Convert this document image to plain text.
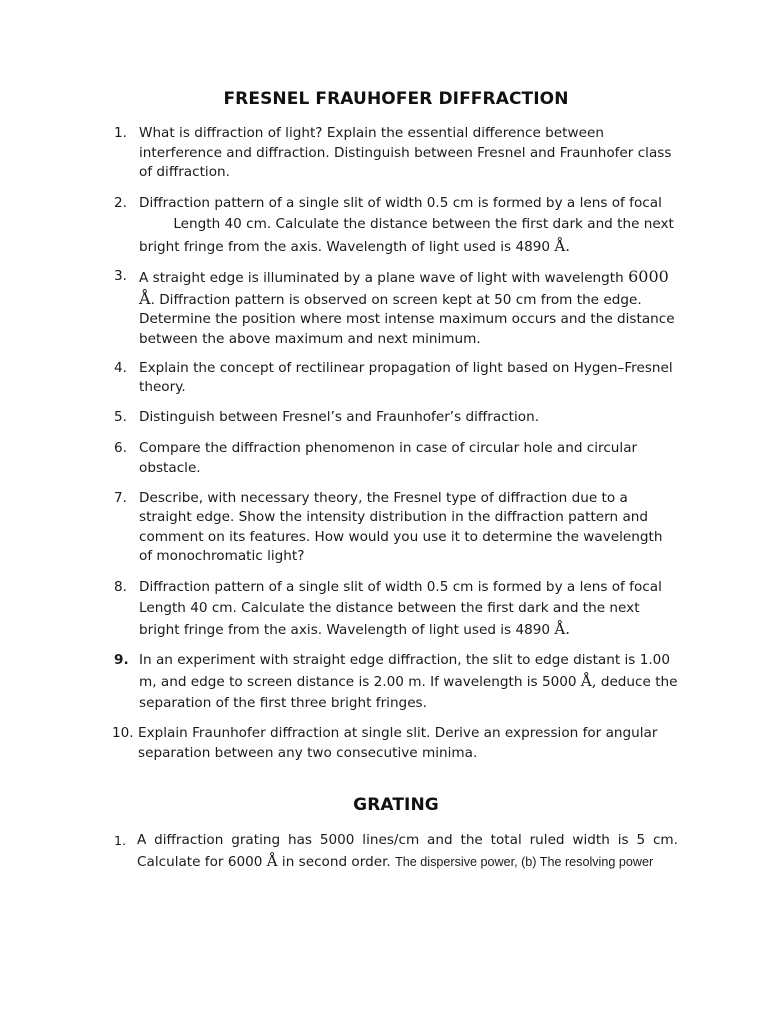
FRESNEL FRAUHOFER DIFFRACTION
1. What is diffraction of light? Explain the essential difference between interference and diffraction. Distinguish between Fresnel and Fraunhofer class of diffraction.
2. Diffraction pattern of a single slit of width 0.5 cm is formed by a lens of focal Length 40 cm. Calculate the distance between the first dark and the next bright fringe from the axis. Wavelength of light used is 4890 Å.
3. A straight edge is illuminated by a plane wave of light with wavelength 6000 Å. Diffraction pattern is observed on screen kept at 50 cm from the edge. Determine the position where most intense maximum occurs and the distance between the above maximum and next minimum.
4. Explain the concept of rectilinear propagation of light based on Hygen–Fresnel theory.
5. Distinguish between Fresnel’s and Fraunhofer’s diffraction.
6. Compare the diffraction phenomenon in case of circular hole and circular obstacle.
7. Describe, with necessary theory, the Fresnel type of diffraction due to a straight edge. Show the intensity distribution in the diffraction pattern and comment on its features. How would you use it to determine the wavelength of monochromatic light?
8. Diffraction pattern of a single slit of width 0.5 cm is formed by a lens of focal Length 40 cm. Calculate the distance between the first dark and the next bright fringe from the axis. Wavelength of light used is 4890 Å.
9. In an experiment with straight edge diffraction, the slit to edge distant is 1.00 m, and edge to screen distance is 2.00 m. If wavelength is 5000 Å, deduce the separation of the first three bright fringes.
10. Explain Fraunhofer diffraction at single slit. Derive an expression for angular separation between any two consecutive minima.
GRATING
1. A diffraction grating has 5000 lines/cm and the total ruled width is 5 cm. Calculate for 6000 Å in second order. The dispersive power, (b) The resolving power
